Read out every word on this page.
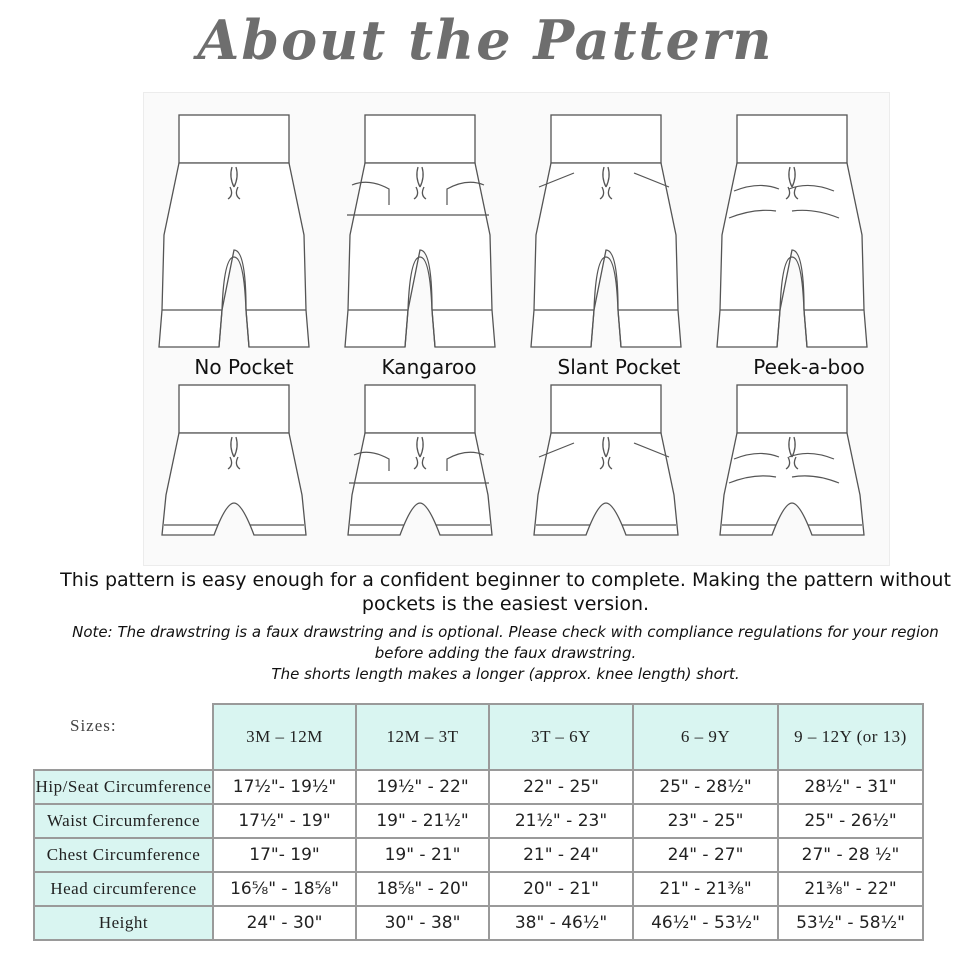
About the Pattern
No Pocket	Kangaroo	Slant Pocket	Peek-a-boo
This pattern is easy enough for a confident beginner to complete. Making the pattern without pockets is the easiest version.
Note: The drawstring is a faux drawstring and is optional. Please check with compliance regulations for your region before adding the faux drawstring.
The shorts length makes a longer (approx. knee length) short.
	3M – 12M	12M – 3T	3T – 6Y	6 – 9Y	9 – 12Y (or 13)
Hip/Seat Circumference	17½"- 19½"	19½" - 22"	22" - 25"	25" - 28½"	28½" - 31"
Waist Circumference	17½" - 19"	19" - 21½"	21½" - 23"	23" - 25"	25" - 26½"
Chest Circumference	17"- 19"	19" - 21"	21" - 24"	24" - 27"	27" - 28 ½"
Head circumference	16⅝" - 18⅝"	18⅝" - 20"	20" - 21"	21" - 21⅜"	21⅜" - 22"
Height	24" - 30"	30" - 38"	38" - 46½"	46½" - 53½"	53½" - 58½"
Sizes:
